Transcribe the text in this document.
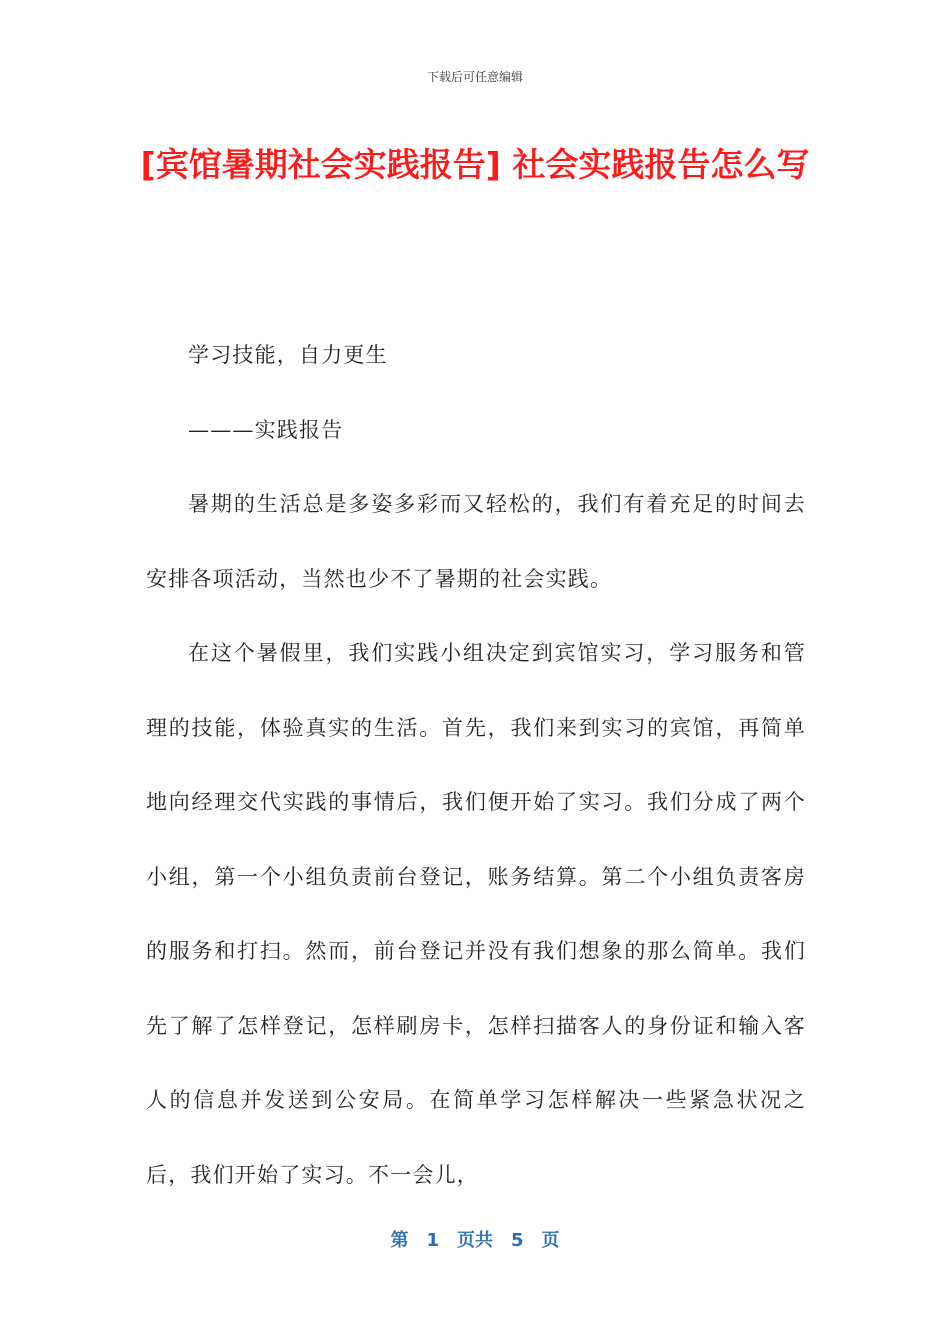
下载后可任意编辑
[宾馆暑期社会实践报告] 社会实践报告怎么写

学习技能，自力更生

———实践报告

暑期的生活总是多姿多彩而又轻松的，我们有着充足的时间去安排各项活动，当然也少不了暑期的社会实践。

在这个暑假里，我们实践小组决定到宾馆实习，学习服务和管理的技能，体验真实的生活。首先，我们来到实习的宾馆，再简单地向经理交代实践的事情后，我们便开始了实习。我们分成了两个小组，第一个小组负责前台登记，账务结算。第二个小组负责客房的服务和打扫。然而，前台登记并没有我们想象的那么简单。我们先了解了怎样登记，怎样刷房卡，怎样扫描客人的身份证和输入客人的信息并发送到公安局。在简单学习怎样解决一些紧急状况之后，我们开始了实习。不一会儿，

第 1 页共 5 页
